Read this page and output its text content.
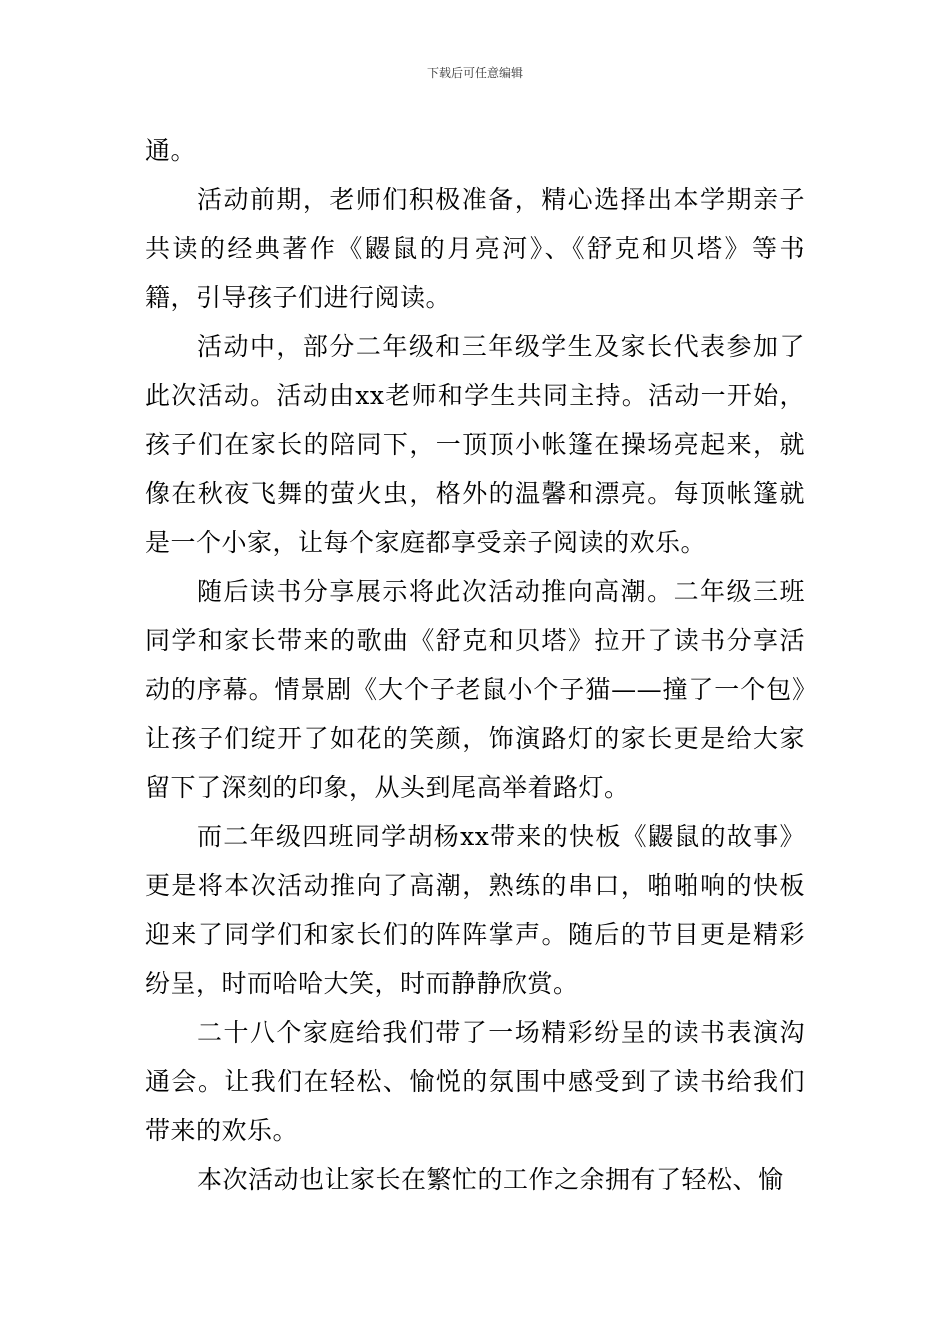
下载后可任意编辑

通。

活动前期，老师们积极准备，精心选择出本学期亲子共读的经典著作《鼹鼠的月亮河》、《舒克和贝塔》等书籍，引导孩子们进行阅读。

活动中，部分二年级和三年级学生及家长代表参加了此次活动。活动由xx老师和学生共同主持。活动一开始，孩子们在家长的陪同下，一顶顶小帐篷在操场亮起来，就像在秋夜飞舞的萤火虫，格外的温馨和漂亮。每顶帐篷就是一个小家，让每个家庭都享受亲子阅读的欢乐。

随后读书分享展示将此次活动推向高潮。二年级三班同学和家长带来的歌曲《舒克和贝塔》拉开了读书分享活动的序幕。情景剧《大个子老鼠小个子猫——撞了一个包》让孩子们绽开了如花的笑颜，饰演路灯的家长更是给大家留下了深刻的印象，从头到尾高举着路灯。

而二年级四班同学胡杨xx带来的快板《鼹鼠的故事》更是将本次活动推向了高潮，熟练的串口，啪啪响的快板迎来了同学们和家长们的阵阵掌声。随后的节目更是精彩纷呈，时而哈哈大笑，时而静静欣赏。

二十八个家庭给我们带了一场精彩纷呈的读书表演沟通会。让我们在轻松、愉悦的氛围中感受到了读书给我们带来的欢乐。

本次活动也让家长在繁忙的工作之余拥有了轻松、愉
